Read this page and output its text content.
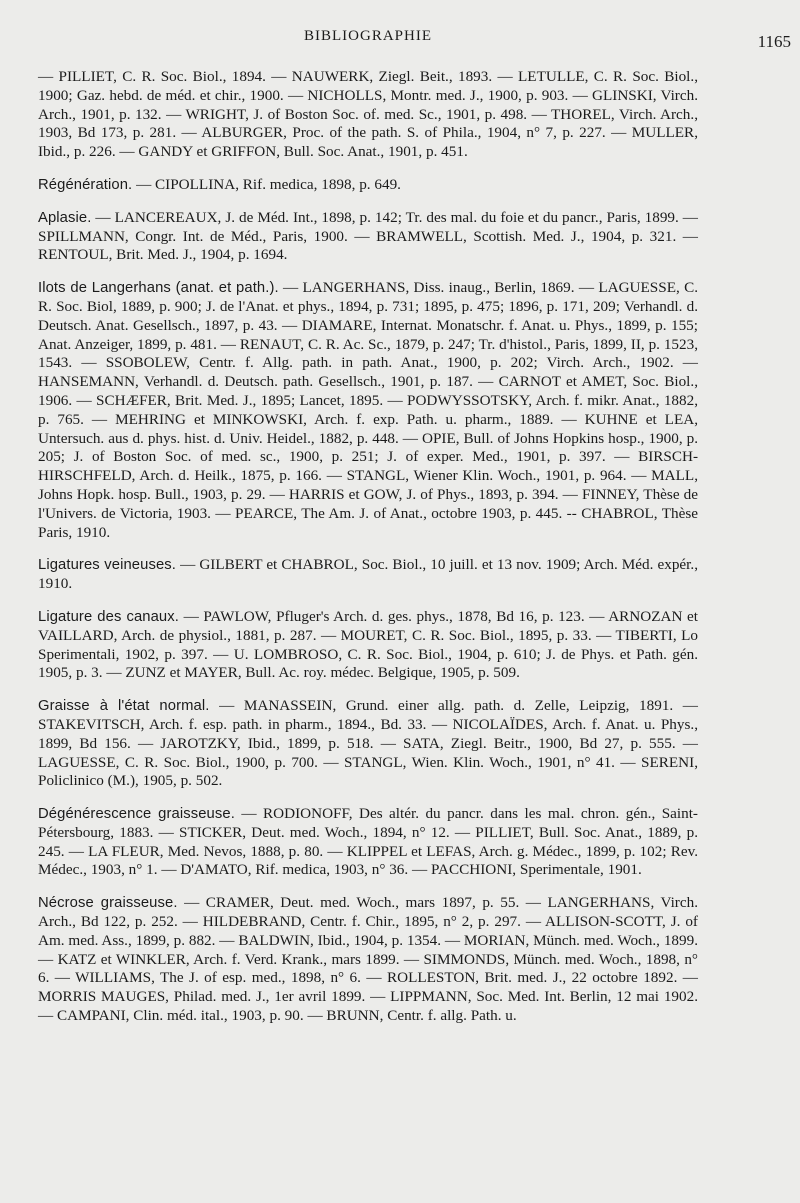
BIBLIOGRAPHIE	1165

— PILLIET, C. R. Soc. Biol., 1894. — NAUWERK, Ziegl. Beit., 1893. — LETULLE, C. R. Soc. Biol., 1900; Gaz. hebd. de méd. et chir., 1900. — NICHOLLS, Montr. med. J., 1900, p. 903. — GLINSKI, Virch. Arch., 1901, p. 132. — WRIGHT, J. of Boston Soc. of. med. Sc., 1901, p. 498. — THOREL, Virch. Arch., 1903, Bd 173, p. 281. — ALBURGER, Proc. of the path. S. of Phila., 1904, n° 7, p. 227. — MULLER, Ibid., p. 226. — GANDY et GRIFFON, Bull. Soc. Anat., 1901, p. 451.

Régénération. — CIPOLLINA, Rif. medica, 1898, p. 649.

Aplasie. — LANCEREAUX, J. de Méd. Int., 1898, p. 142; Tr. des mal. du foie et du pancr., Paris, 1899. — SPILLMANN, Congr. Int. de Méd., Paris, 1900. — BRAMWELL, Scottish. Med. J., 1904, p. 321. — RENTOUL, Brit. Med. J., 1904, p. 1694.

Ilots de Langerhans (anat. et path.). — LANGERHANS, Diss. inaug., Berlin, 1869. — LAGUESSE, C. R. Soc. Biol, 1889, p. 900; J. de l'Anat. et phys., 1894, p. 731; 1895, p. 475; 1896, p. 171, 209; Verhandl. d. Deutsch. Anat. Gesellsch., 1897, p. 43. — DIAMARE, Internat. Monatschr. f. Anat. u. Phys., 1899, p. 155; Anat. Anzeiger, 1899, p. 481. — RENAUT, C. R. Ac. Sc., 1879, p. 247; Tr. d'histol., Paris, 1899, II, p. 1523, 1543. — SSOBOLEW, Centr. f. Allg. path. in path. Anat., 1900, p. 202; Virch. Arch., 1902. — HANSEMANN, Verhandl. d. Deutsch. path. Gesellsch., 1901, p. 187. — CARNOT et AMET, Soc. Biol., 1906. — SCHÆFER, Brit. Med. J., 1895; Lancet, 1895. — PODWYSSOTSKY, Arch. f. mikr. Anat., 1882, p. 765. — MEHRING et MINKOWSKI, Arch. f. exp. Path. u. pharm., 1889. — KUHNE et LEA, Untersuch. aus d. phys. hist. d. Univ. Heidel., 1882, p. 448. — OPIE, Bull. of Johns Hopkins hosp., 1900, p. 205; J. of Boston Soc. of med. sc., 1900, p. 251; J. of exper. Med., 1901, p. 397. — BIRSCH-HIRSCHFELD, Arch. d. Heilk., 1875, p. 166. — STANGL, Wiener Klin. Woch., 1901, p. 964. — MALL, Johns Hopk. hosp. Bull., 1903, p. 29. — HARRIS et GOW, J. of Phys., 1893, p. 394. — FINNEY, Thèse de l'Univers. de Victoria, 1903. — PEARCE, The Am. J. of Anat., octobre 1903, p. 445. -- CHABROL, Thèse Paris, 1910.

Ligatures veineuses. — GILBERT et CHABROL, Soc. Biol., 10 juill. et 13 nov. 1909; Arch. Méd. expér., 1910.

Ligature des canaux. — PAWLOW, Pfluger's Arch. d. ges. phys., 1878, Bd 16, p. 123. — ARNOZAN et VAILLARD, Arch. de physiol., 1881, p. 287. — MOURET, C. R. Soc. Biol., 1895, p. 33. — TIBERTI, Lo Sperimentali, 1902, p. 397. — U. LOMBROSO, C. R. Soc. Biol., 1904, p. 610; J. de Phys. et Path. gén. 1905, p. 3. — ZUNZ et MAYER, Bull. Ac. roy. médec. Belgique, 1905, p. 509.

Graisse à l'état normal. — MANASSEIN, Grund. einer allg. path. d. Zelle, Leipzig, 1891. — STAKEVITSCH, Arch. f. esp. path. in pharm., 1894., Bd. 33. — NICOLAÏDES, Arch. f. Anat. u. Phys., 1899, Bd 156. — JAROTZKY, Ibid., 1899, p. 518. — SATA, Ziegl. Beitr., 1900, Bd 27, p. 555. — LAGUESSE, C. R. Soc. Biol., 1900, p. 700. — STANGL, Wien. Klin. Woch., 1901, n° 41. — SERENI, Policlinico (M.), 1905, p. 502.

Dégénérescence graisseuse. — RODIONOFF, Des altér. du pancr. dans les mal. chron. gén., Saint-Pétersbourg, 1883. — STICKER, Deut. med. Woch., 1894, n° 12. — PILLIET, Bull. Soc. Anat., 1889, p. 245. — LA FLEUR, Med. Nevos, 1888, p. 80. — KLIPPEL et LEFAS, Arch. g. Médec., 1899, p. 102; Rev. Médec., 1903, n° 1. — D'AMATO, Rif. medica, 1903, n° 36. — PACCHIONI, Sperimentale, 1901.

Nécrose graisseuse. — CRAMER, Deut. med. Woch., mars 1897, p. 55. — LANGERHANS, Virch. Arch., Bd 122, p. 252. — HILDEBRAND, Centr. f. Chir., 1895, n° 2, p. 297. — ALLISON-SCOTT, J. of Am. med. Ass., 1899, p. 882. — BALDWIN, Ibid., 1904, p. 1354. — MORIAN, Münch. med. Woch., 1899. — KATZ et WINKLER, Arch. f. Verd. Krank., mars 1899. — SIMMONDS, Münch. med. Woch., 1898, n° 6. — WILLIAMS, The J. of esp. med., 1898, n° 6. — ROLLESTON, Brit. med. J., 22 octobre 1892. — MORRIS MAUGES, Philad. med. J., 1er avril 1899. — LIPPMANN, Soc. Med. Int. Berlin, 12 mai 1902. — CAMPANI, Clin. méd. ital., 1903, p. 90. — BRUNN, Centr. f. allg. Path. u.
